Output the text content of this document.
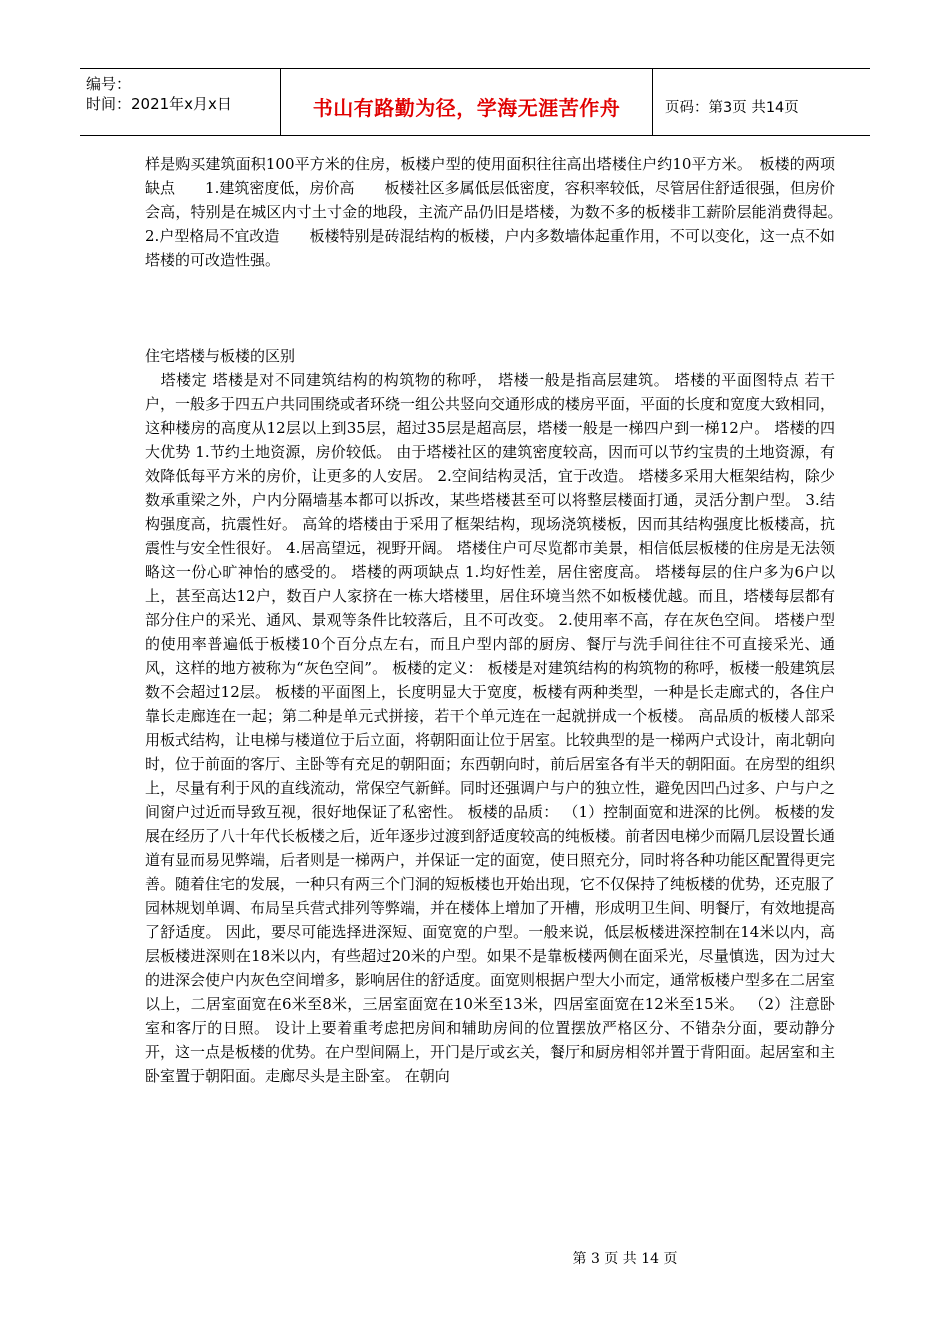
编号：
时间：2021年x月x日	书山有路勤为径，学海无涯苦作舟	页码：第3页 共14页

样是购买建筑面积100平方米的住房，板楼户型的使用面积往往高出塔楼住户约10平方米。　板楼的两项缺点　　1.建筑密度低，房价高　　板楼社区多属低层低密度，容积率较低，尽管居住舒适很强，但房价会高，特别是在城区内寸土寸金的地段，主流产品仍旧是塔楼，为数不多的板楼非工薪阶层能消费得起。　　2.户型格局不宜改造　　板楼特别是砖混结构的板楼，户内多数墙体起重作用，不可以变化，这一点不如塔楼的可改造性强。

住宅塔楼与板楼的区别

　塔楼定 塔楼是对不同建筑结构的构筑物的称呼， 塔楼一般是指高层建筑。 塔楼的平面图特点 若干户，一般多于四五户共同围绕或者环绕一组公共竖向交通形成的楼房平面，平面的长度和宽度大致相同，这种楼房的高度从12层以上到35层，超过35层是超高层，塔楼一般是一梯四户到一梯12户。 塔楼的四大优势 1.节约土地资源，房价较低。 由于塔楼社区的建筑密度较高，因而可以节约宝贵的土地资源，有效降低每平方米的房价，让更多的人安居。 2.空间结构灵活，宜于改造。 塔楼多采用大框架结构，除少数承重梁之外，户内分隔墙基本都可以拆改，某些塔楼甚至可以将整层楼面打通，灵活分割户型。 3.结构强度高，抗震性好。 高耸的塔楼由于采用了框架结构，现场浇筑楼板，因而其结构强度比板楼高，抗震性与安全性很好。 4.居高望远，视野开阔。 塔楼住户可尽览都市美景，相信低层板楼的住房是无法领略这一份心旷神怡的感受的。 塔楼的两项缺点 1.均好性差，居住密度高。 塔楼每层的住户多为6户以上，甚至高达12户，数百户人家挤在一栋大塔楼里，居住环境当然不如板楼优越。而且，塔楼每层都有部分住户的采光、通风、景观等条件比较落后，且不可改变。 2.使用率不高，存在灰色空间。 塔楼户型的使用率普遍低于板楼10个百分点左右，而且户型内部的厨房、餐厅与洗手间往往不可直接采光、通风，这样的地方被称为“灰色空间”。 板楼的定义： 板楼是对建筑结构的构筑物的称呼，板楼一般建筑层数不会超过12层。 板楼的平面图上，长度明显大于宽度，板楼有两种类型，一种是长走廊式的，各住户靠长走廊连在一起；第二种是单元式拼接，若干个单元连在一起就拼成一个板楼。 高品质的板楼人部采用板式结构，让电梯与楼道位于后立面，将朝阳面让位于居室。比较典型的是一梯两户式设计，南北朝向时，位于前面的客厅、主卧等有充足的朝阳面；东西朝向时，前后居室各有半天的朝阳面。在房型的组织上，尽量有利于风的直线流动，常保空气新鲜。同时还强调户与户的独立性，避免因凹凸过多、户与户之间窗户过近而导致互视，很好地保证了私密性。 板楼的品质： （1）控制面宽和进深的比例。 板楼的发展在经历了八十年代长板楼之后，近年逐步过渡到舒适度较高的纯板楼。前者因电梯少而隔几层设置长通道有显而易见弊端，后者则是一梯两户，并保证一定的面宽，使日照充分，同时将各种功能区配置得更完善。随着住宅的发展，一种只有两三个门洞的短板楼也开始出现，它不仅保持了纯板楼的优势，还克服了园林规划单调、布局呈兵营式排列等弊端，并在楼体上增加了开槽，形成明卫生间、明餐厅，有效地提高了舒适度。 因此，要尽可能选择进深短、面宽宽的户型。一般来说，低层板楼进深控制在14米以内，高层板楼进深则在18米以内，有些超过20米的户型。如果不是靠板楼两侧在面采光，尽量慎选，因为过大的进深会使户内灰色空间增多，影响居住的舒适度。面宽则根据户型大小而定，通常板楼户型多在二居室以上，二居室面宽在6米至8米，三居室面宽在10米至13米，四居室面宽在12米至15米。 （2）注意卧室和客厅的日照。 设计上要着重考虑把房间和辅助房间的位置摆放严格区分、不错杂分面，要动静分开，这一点是板楼的优势。在户型间隔上，开门是厅或玄关，餐厅和厨房相邻并置于背阳面。起居室和主卧室置于朝阳面。走廊尽头是主卧室。 在朝向

第 3 页 共 14 页
